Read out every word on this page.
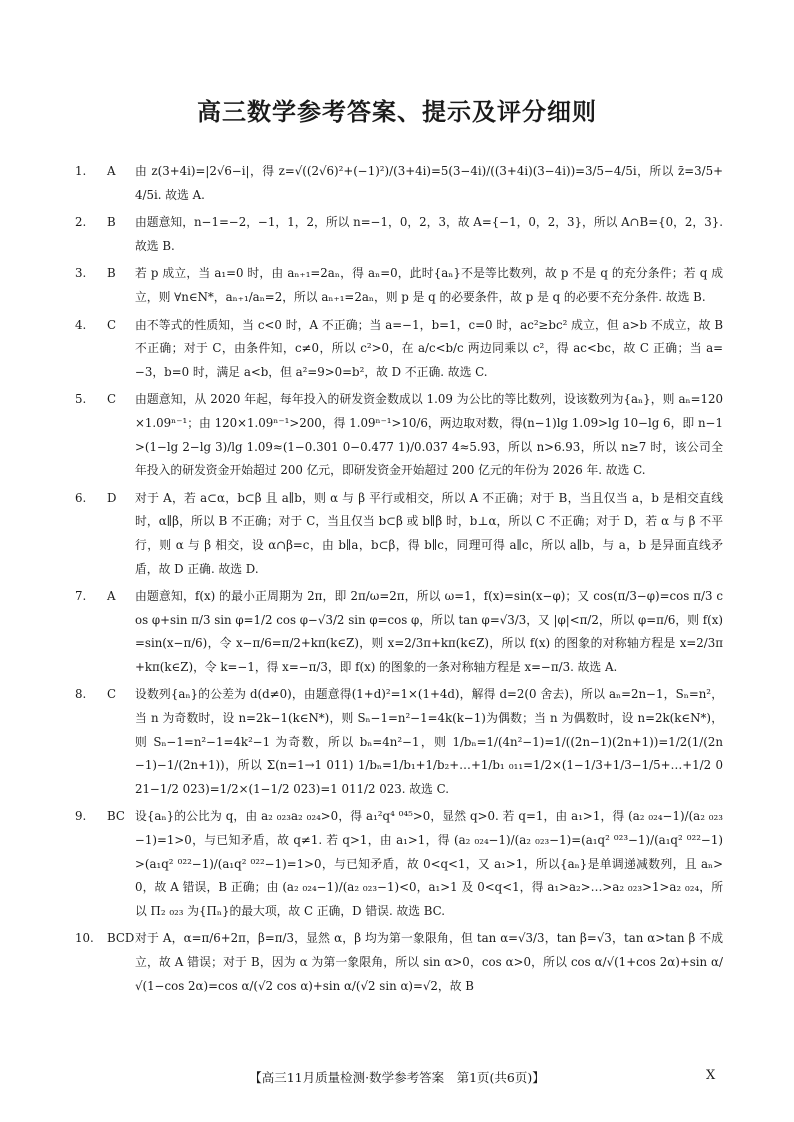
高三数学参考答案、提示及评分细则
1.	A	由 z(3+4i)=|2√6−i|，得 z=√((2√6)²+(−1)²)/(3+4i)=5(3−4i)/((3+4i)(3−4i))=3/5−4/5i，所以 z̄=3/5+4/5i. 故选 A.
2.	B	由题意知，n−1=−2，−1，1，2，所以 n=−1，0，2，3，故 A={−1，0，2，3}，所以 A∩B={0，2，3}. 故选 B.
3.	B	若 p 成立，当 a₁=0 时，由 aₙ₊₁=2aₙ，得 aₙ=0，此时{aₙ}不是等比数列，故 p 不是 q 的充分条件；若 q 成立，则 ∀n∈N*，aₙ₊₁/aₙ=2，所以 aₙ₊₁=2aₙ，则 p 是 q 的必要条件，故 p 是 q 的必要不充分条件. 故选 B.
4.	C	由不等式的性质知，当 c<0 时，A 不正确；当 a=−1，b=1，c=0 时，ac²≥bc² 成立，但 a>b 不成立，故 B 不正确；对于 C，由条件知，c≠0，所以 c²>0，在 a/c<b/c 两边同乘以 c²，得 ac<bc，故 C 正确；当 a=−3，b=0 时，满足 a<b，但 a²=9>0=b²，故 D 不正确. 故选 C.
5.	C	由题意知，从 2020 年起，每年投入的研发资金数成以 1.09 为公比的等比数列，设该数列为{aₙ}，则 aₙ=120×1.09ⁿ⁻¹；由 120×1.09ⁿ⁻¹>200，得 1.09ⁿ⁻¹>10/6，两边取对数，得(n−1)lg 1.09>lg 10−lg 6，即 n−1>(1−lg 2−lg 3)/lg 1.09≈(1−0.301 0−0.477 1)/0.037 4≈5.93，所以 n>6.93，所以 n≥7 时，该公司全年投入的研发资金开始超过 200 亿元，即研发资金开始超过 200 亿元的年份为 2026 年. 故选 C.
6.	D	对于 A，若 a⊂α，b⊂β 且 a∥b，则 α 与 β 平行或相交，所以 A 不正确；对于 B，当且仅当 a，b 是相交直线时，α∥β，所以 B 不正确；对于 C，当且仅当 b⊂β 或 b∥β 时，b⊥α，所以 C 不正确；对于 D，若 α 与 β 不平行，则 α 与 β 相交，设 α∩β=c，由 b∥a，b⊂β，得 b∥c，同理可得 a∥c，所以 a∥b，与 a，b 是异面直线矛盾，故 D 正确. 故选 D.
7.	A	由题意知，f(x) 的最小正周期为 2π，即 2π/ω=2π，所以 ω=1，f(x)=sin(x−φ)；又 cos(π/3−φ)=cos π/3 cos φ+sin π/3 sin φ=1/2 cos φ−√3/2 sin φ=cos φ，所以 tan φ=√3/3，又 |φ|<π/2，所以 φ=π/6，则 f(x)=sin(x−π/6)，令 x−π/6=π/2+kπ(k∈Z)，则 x=2/3π+kπ(k∈Z)，所以 f(x) 的图象的对称轴方程是 x=2/3π+kπ(k∈Z)，令 k=−1，得 x=−π/3，即 f(x) 的图象的一条对称轴方程是 x=−π/3. 故选 A.
8.	C	设数列{aₙ}的公差为 d(d≠0)，由题意得(1+d)²=1×(1+4d)，解得 d=2(0 舍去)，所以 aₙ=2n−1，Sₙ=n²，当 n 为奇数时，设 n=2k−1(k∈N*)，则 Sₙ−1=n²−1=4k(k−1)为偶数；当 n 为偶数时，设 n=2k(k∈N*)，则 Sₙ−1=n²−1=4k²−1 为奇数，所以 bₙ=4n²−1，则 1/bₙ=1/(4n²−1)=1/((2n−1)(2n+1))=1/2(1/(2n−1)−1/(2n+1))，所以 Σ(n=1→1 011) 1/bₙ=1/b₁+1/b₂+…+1/b₁ ₀₁₁=1/2×(1−1/3+1/3−1/5+…+1/2 021−1/2 023)=1/2×(1−1/2 023)=1 011/2 023. 故选 C.
9.	BC 设{aₙ}的公比为 q，由 a₂ ₀₂₃a₂ ₀₂₄>0，得 a₁²q⁴ ⁰⁴⁵>0，显然 q>0. 若 q=1，由 a₁>1，得 (a₂ ₀₂₄−1)/(a₂ ₀₂₃−1)=1>0，与已知矛盾，故 q≠1. 若 q>1，由 a₁>1，得 (a₂ ₀₂₄−1)/(a₂ ₀₂₃−1)=(a₁q² ⁰²³−1)/(a₁q² ⁰²²−1)>(a₁q² ⁰²²−1)/(a₁q² ⁰²²−1)=1>0，与已知矛盾，故 0<q<1，又 a₁>1，所以{aₙ}是单调递减数列，且 aₙ>0，故 A 错误，B 正确；由 (a₂ ₀₂₄−1)/(a₂ ₀₂₃−1)<0，a₁>1 及 0<q<1，得 a₁>a₂>…>a₂ ₀₂₃>1>a₂ ₀₂₄，所以 Π₂ ₀₂₃ 为{Πₙ}的最大项，故 C 正确，D 错误. 故选 BC.
10.	BCD 对于 A，α=π/6+2π，β=π/3，显然 α，β 均为第一象限角，但 tan α=√3/3，tan β=√3，tan α>tan β 不成立，故 A 错误；对于 B，因为 α 为第一象限角，所以 sin α>0，cos α>0，所以 cos α/√(1+cos 2α)+sin α/√(1−cos 2α)=cos α/(√2 cos α)+sin α/(√2 sin α)=√2，故 B
【高三11月质量检测·数学参考答案　第1页(共6页)】	X
